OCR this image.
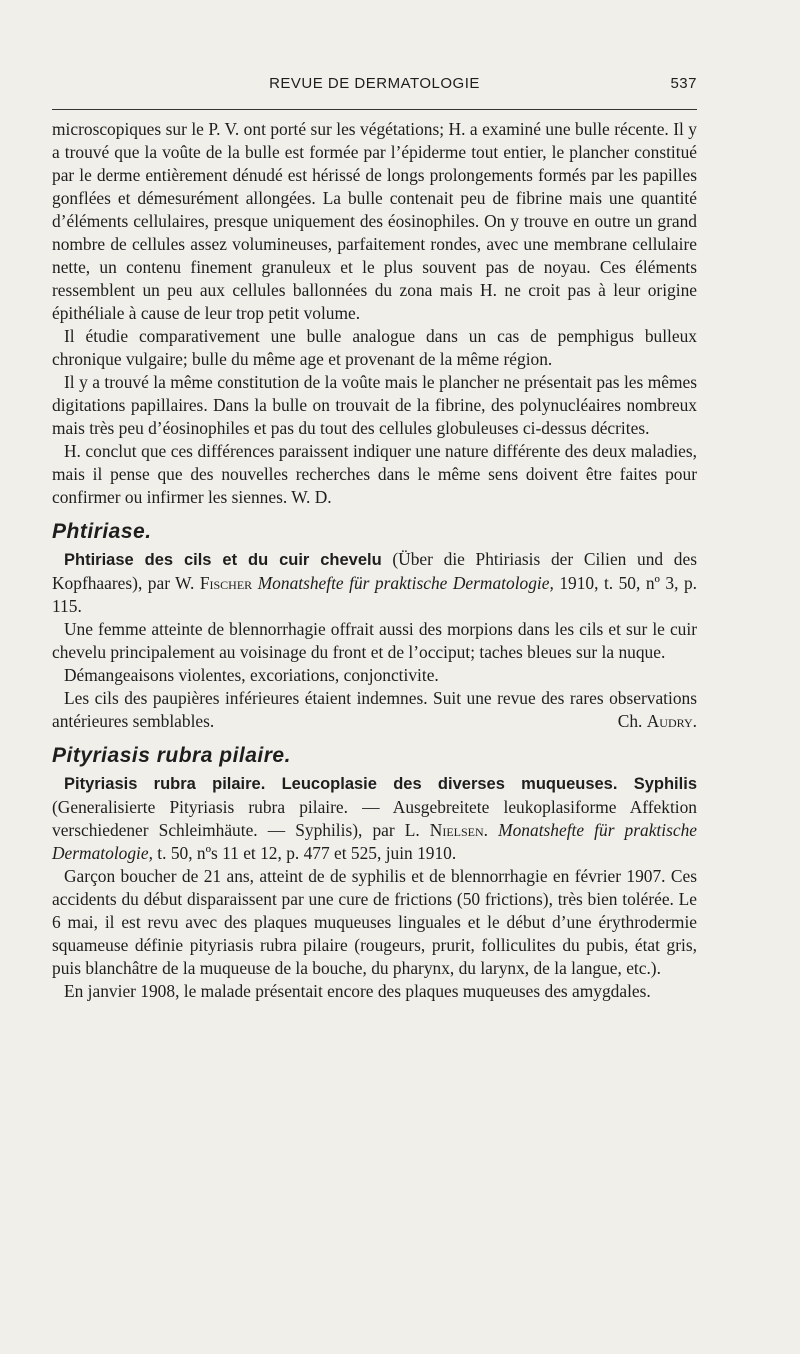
REVUE DE DERMATOLOGIE	537

microscopiques sur le P. V. ont porté sur les végétations; H. a examiné une bulle récente. Il y a trouvé que la voûte de la bulle est formée par l’épiderme tout entier, le plancher constitué par le derme entièrement dénudé est hérissé de longs prolongements formés par les papilles gonflées et démesurément allongées. La bulle contenait peu de fibrine mais une quantité d’éléments cellulaires, presque uniquement des éosinophiles. On y trouve en outre un grand nombre de cellules assez volumineuses, parfaitement rondes, avec une membrane cellulaire nette, un contenu finement granuleux et le plus souvent pas de noyau. Ces éléments ressemblent un peu aux cellules ballonnées du zona mais H. ne croit pas à leur origine épithéliale à cause de leur trop petit volume.

Il étudie comparativement une bulle analogue dans un cas de pemphigus bulleux chronique vulgaire; bulle du même age et provenant de la même région.

Il y a trouvé la même constitution de la voûte mais le plancher ne présentait pas les mêmes digitations papillaires. Dans la bulle on trouvait de la fibrine, des polynucléaires nombreux mais très peu d’éosinophiles et pas du tout des cellules globuleuses ci-dessus décrites.

H. conclut que ces différences paraissent indiquer une nature différente des deux maladies, mais il pense que des nouvelles recherches dans le même sens doivent être faites pour confirmer ou infirmer les siennes. W. D.

Phtiriase.

Phtiriase des cils et du cuir chevelu (Über die Phtiriasis der Cilien und des Kopfhaares), par W. Fischer Monatshefte für praktische Dermatologie, 1910, t. 50, nº 3, p. 115.

Une femme atteinte de blennorrhagie offrait aussi des morpions dans les cils et sur le cuir chevelu principalement au voisinage du front et de l’occiput; taches bleues sur la nuque.

Démangeaisons violentes, excoriations, conjonctivite.

Les cils des paupières inférieures étaient indemnes. Suit une revue des rares observations antérieures semblables.	Ch. Audry.

Pityriasis rubra pilaire.

Pityriasis rubra pilaire. Leucoplasie des diverses muqueuses. Syphilis (Generalisierte Pityriasis rubra pilaire. — Ausgebreitete leukoplasiforme Affektion verschiedener Schleimhäute. — Syphilis), par L. Nielsen. Monatshefte für praktische Dermatologie, t. 50, nºs 11 et 12, p. 477 et 525, juin 1910.

Garçon boucher de 21 ans, atteint de de syphilis et de blennorrhagie en février 1907. Ces accidents du début disparaissent par une cure de frictions (50 frictions), très bien tolérée. Le 6 mai, il est revu avec des plaques muqueuses linguales et le début d’une érythrodermie squameuse définie pityriasis rubra pilaire (rougeurs, prurit, folliculites du pubis, état gris, puis blanchâtre de la muqueuse de la bouche, du pharynx, du larynx, de la langue, etc.).

En janvier 1908, le malade présentait encore des plaques muqueuses des amygdales.
